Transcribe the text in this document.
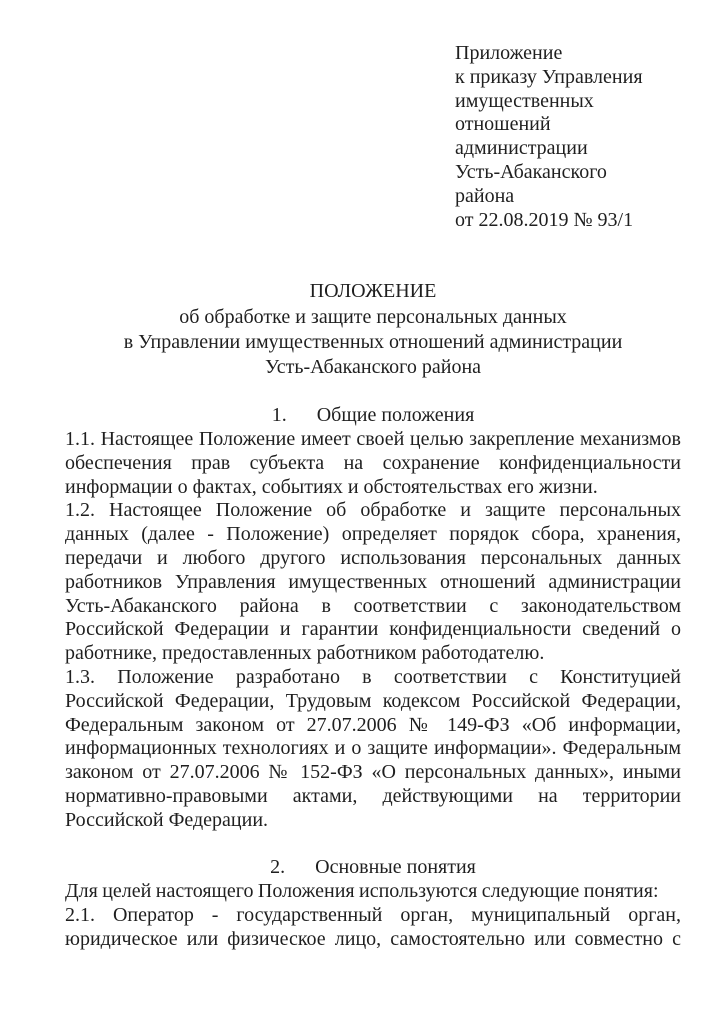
Приложение
к приказу Управления
имущественных
отношений
администрации
Усть-Абаканского
района
от 22.08.2019 № 93/1
ПОЛОЖЕНИЕ
об обработке и защите персональных данных
в Управлении имущественных отношений администрации
Усть-Абаканского района
1. Общие положения

1.1. Настоящее Положение имеет своей целью закрепление механизмов обеспечения прав субъекта на сохранение конфиденциальности информации о фактах, событиях и обстоятельствах его жизни.

1.2. Настоящее Положение об обработке и защите персональных данных (далее - Положение) определяет порядок сбора, хранения, передачи и любого другого использования персональных данных работников Управления имущественных отношений администрации Усть-Абаканского района в соответствии с законодательством Российской Федерации и гарантии конфиденциальности сведений о работнике, предоставленных работником работодателю.

1.3. Положение разработано в соответствии с Конституцией Российской Федерации, Трудовым кодексом Российской Федерации, Федеральным законом от 27.07.2006 № 149-ФЗ «Об информации, информационных технологиях и о защите информации». Федеральным законом от 27.07.2006 № 152-ФЗ «О персональных данных», иными нормативно-правовыми актами, действующими на территории Российской Федерации.

2. Основные понятия

Для целей настоящего Положения используются следующие понятия:

2.1. Оператор - государственный орган, муниципальный орган, юридическое или физическое лицо, самостоятельно или совместно с
